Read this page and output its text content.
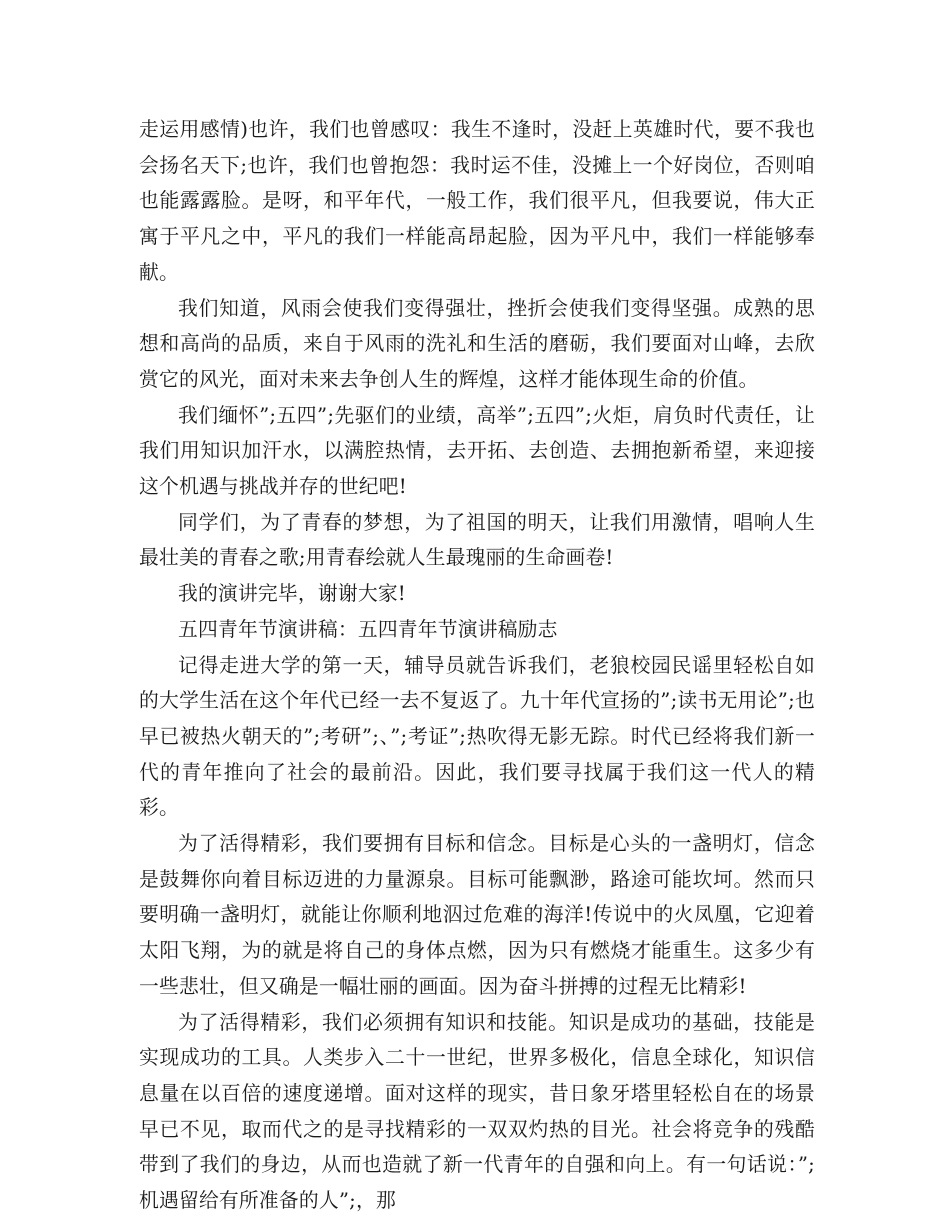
走运用感情)也许，我们也曾感叹：我生不逢时，没赶上英雄时代，要不我也会扬名天下;也许，我们也曾抱怨：我时运不佳，没摊上一个好岗位，否则咱也能露露脸。是呀，和平年代，一般工作，我们很平凡，但我要说，伟大正寓于平凡之中，平凡的我们一样能高昂起脸，因为平凡中，我们一样能够奉献。

我们知道，风雨会使我们变得强壮，挫折会使我们变得坚强。成熟的思想和高尚的品质，来自于风雨的洗礼和生活的磨砺，我们要面对山峰，去欣赏它的风光，面对未来去争创人生的辉煌，这样才能体现生命的价值。

我们缅怀”;五四”;先驱们的业绩，高举”;五四”;火炬，肩负时代责任，让我们用知识加汗水，以满腔热情，去开拓、去创造、去拥抱新希望，来迎接这个机遇与挑战并存的世纪吧!

同学们，为了青春的梦想，为了祖国的明天，让我们用激情，唱响人生最壮美的青春之歌;用青春绘就人生最瑰丽的生命画卷!

我的演讲完毕，谢谢大家!

五四青年节演讲稿：五四青年节演讲稿励志

记得走进大学的第一天，辅导员就告诉我们，老狼校园民谣里轻松自如的大学生活在这个年代已经一去不复返了。九十年代宣扬的”;读书无用论”;也早已被热火朝天的”;考研”;、”;考证”;热吹得无影无踪。时代已经将我们新一代的青年推向了社会的最前沿。因此，我们要寻找属于我们这一代人的精彩。

为了活得精彩，我们要拥有目标和信念。目标是心头的一盏明灯，信念是鼓舞你向着目标迈进的力量源泉。目标可能飘渺，路途可能坎坷。然而只要明确一盏明灯，就能让你顺利地泅过危难的海洋!传说中的火凤凰，它迎着太阳飞翔，为的就是将自己的身体点燃，因为只有燃烧才能重生。这多少有一些悲壮，但又确是一幅壮丽的画面。因为奋斗拼搏的过程无比精彩!

为了活得精彩，我们必须拥有知识和技能。知识是成功的基础，技能是实现成功的工具。人类步入二十一世纪，世界多极化，信息全球化，知识信息量在以百倍的速度递增。面对这样的现实，昔日象牙塔里轻松自在的场景早已不见，取而代之的是寻找精彩的一双双灼热的目光。社会将竞争的残酷带到了我们的身边，从而也造就了新一代青年的自强和向上。有一句话说：”;机遇留给有所准备的人”;，那
